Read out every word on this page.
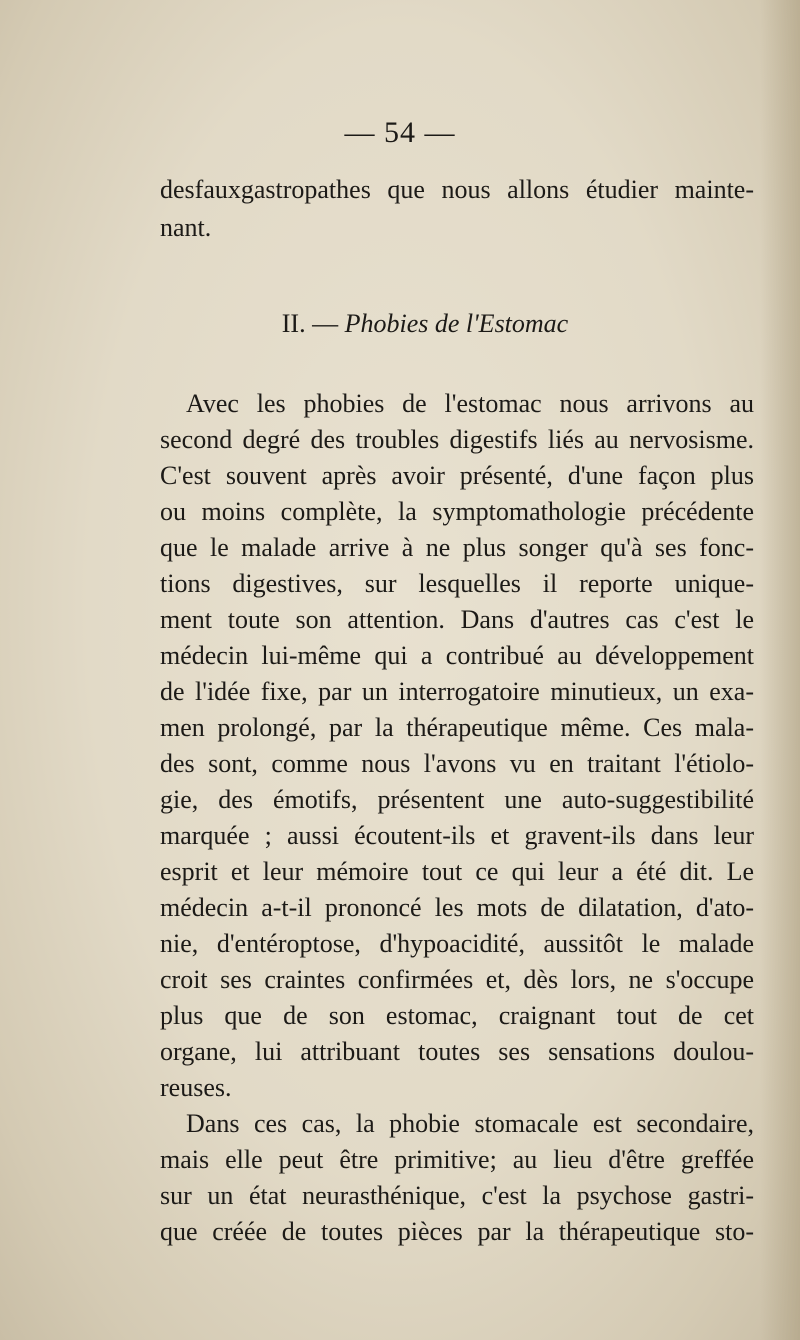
— 54 —
desfauxgastropathes que nous allons étudier mainte-
nant.
II. — Phobies de l'Estomac
Avec les phobies de l'estomac nous arrivons au
second degré des troubles digestifs liés au nervosisme.
C'est souvent après avoir présenté, d'une façon plus
ou moins complète, la symptomathologie précédente
que le malade arrive à ne plus songer qu'à ses fonc-
tions digestives, sur lesquelles il reporte unique-
ment toute son attention. Dans d'autres cas c'est le
médecin lui-même qui a contribué au développement
de l'idée fixe, par un interrogatoire minutieux, un exa-
men prolongé, par la thérapeutique même. Ces mala-
des sont, comme nous l'avons vu en traitant l'étiolo-
gie, des émotifs, présentent une auto-suggestibilité
marquée ; aussi écoutent-ils et gravent-ils dans leur
esprit et leur mémoire tout ce qui leur a été dit. Le
médecin a-t-il prononcé les mots de dilatation, d'ato-
nie, d'entéroptose, d'hypoacidité, aussitôt le malade
croit ses craintes confirmées et, dès lors, ne s'occupe
plus que de son estomac, craignant tout de cet
organe, lui attribuant toutes ses sensations doulou-
reuses.
Dans ces cas, la phobie stomacale est secondaire,
mais elle peut être primitive; au lieu d'être greffée
sur un état neurasthénique, c'est la psychose gastri-
que créée de toutes pièces par la thérapeutique sto-
